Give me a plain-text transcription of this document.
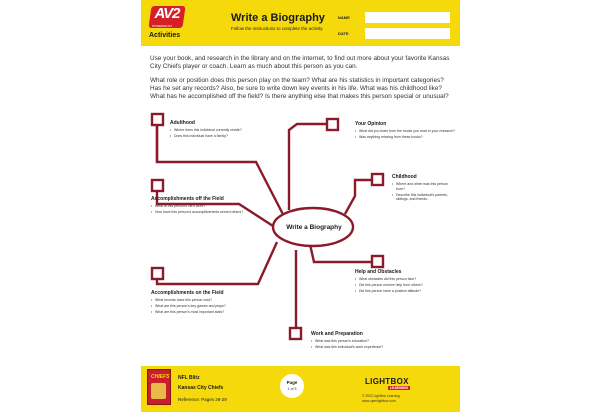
AV2
POWERED BY
Activities
Write a Biography
Follow the instructions to complete the activity.
NAME
DATE

Use your book, and research in the library and on the internet, to find out more about your favorite Kansas City Chiefs player or coach. Learn as much about this person as you can.

What role or position does this person play on the team? What are his statistics in important categories? Has he set any records? Also, be sure to write down key events in his life. What was his childhood like? What has he accomplished off the field? Is there anything else that makes this person special or unusual?

Write a Biography
Adulthood
• Where does this individual currently reside?
• Does this individual have a family?
Your Opinion
• What did you learn from the books you read in your research?
• Was anything missing from these books?
Childhood
• Where and when was this person born?
• Describe this individual's parents, siblings, and friends.
Accomplishments off the Field
• What is this person's life's work?
• How have this person's accomplishments served others?
Help and Obstacles
• What obstacles did this person face?
• Did this person receive help from others?
• Did this person have a positive attitude?
Accomplishments on the Field
• What records does this person hold?
• What are this person's key games and plays?
• What are this person's most important stats?
Work and Preparation
• What was this person's education?
• What was this individual's work experience?
CHIEFS NFL Blitz
Kansas City Chiefs
Reference: Pages 28-29
Page
1 of 5
LIGHTBOX
LEARNING
© 2022 Lightbox Learning
www.openlightbox.com
